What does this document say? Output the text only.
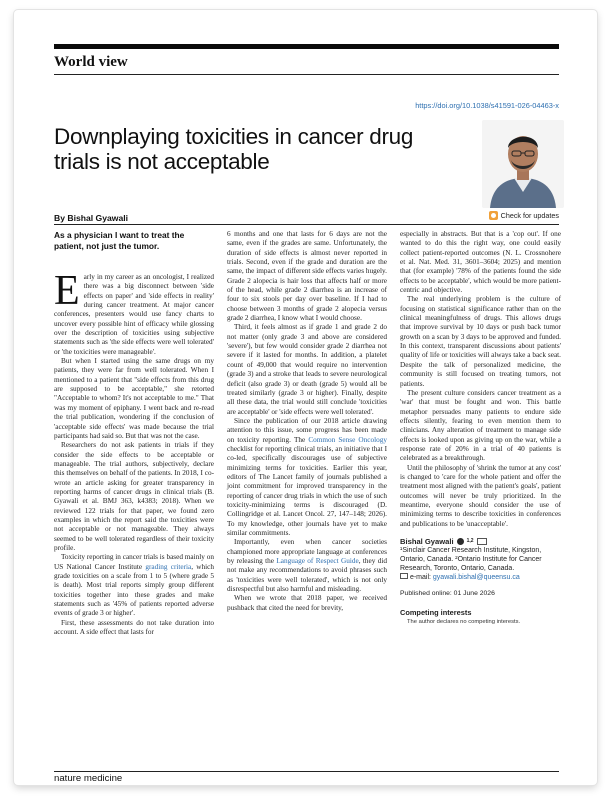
World view
https://doi.org/10.1038/s41591-026-04463-x
Downplaying toxicities in cancer drug trials is not acceptable
By Bishal Gyawali	Check for updates
As a physician I want to treat the patient, not just the tumor.

Early in my career as an oncologist, I realized there was a big disconnect between 'side effects on paper' and 'side effects in reality' during cancer treatment. At major cancer conferences, presenters would use fancy charts to uncover every possible hint of efficacy while glossing over the description of toxicities using subjective statements such as 'the side effects were well tolerated' or 'the toxicities were manageable'.

But when I started using the same drugs on my patients, they were far from well tolerated. When I mentioned to a patient that "side effects from this drug are supposed to be acceptable," she retorted "Acceptable to whom? It's not acceptable to me." That was my moment of epiphany. I went back and re-read the trial publication, wondering if the conclusion of 'acceptable side effects' was made because the trial participants had said so. But that was not the case.

Researchers do not ask patients in trials if they consider the side effects to be acceptable or manageable. The trial authors, subjectively, declare this themselves on behalf of the patients. In 2018, I co-wrote an article asking for greater transparency in reporting harms of cancer drugs in clinical trials (B. Gyawali et al. BMJ 363, k4383; 2018). When we reviewed 122 trials for that paper, we found zero examples in which the report said the toxicities were not acceptable or not manageable. They always seemed to be well tolerated regardless of their toxicity profile.

Toxicity reporting in cancer trials is based mainly on US National Cancer Institute grading criteria, which grade toxicities on a scale from 1 to 5 (where grade 5 is death). Most trial reports simply group different toxicities together into these grades and make statements such as '45% of patients reported adverse events of grade 3 or higher'.

First, these assessments do not take duration into account. A side effect that lasts for

6 months and one that lasts for 6 days are not the same, even if the grades are same. Unfortunately, the duration of side effects is almost never reported in trials. Second, even if the grade and duration are the same, the impact of different side effects varies hugely. Grade 2 alopecia is hair loss that affects half or more of the head, while grade 2 diarrhea is an increase of four to six stools per day over baseline. If I had to choose between 3 months of grade 2 alopecia versus grade 2 diarrhea, I know what I would choose.

Third, it feels almost as if grade 1 and grade 2 do not matter (only grade 3 and above are considered 'severe'), but few would consider grade 2 diarrhea not severe if it lasted for months. In addition, a platelet count of 49,000 that would require no intervention (grade 3) and a stroke that leads to severe neurological deficit (also grade 3) or death (grade 5) would all be treated similarly (grade 3 or higher). Finally, despite all these data, the trial would still conclude 'toxicities are acceptable' or 'side effects were well tolerated'.

Since the publication of our 2018 article drawing attention to this issue, some progress has been made on toxicity reporting. The Common Sense Oncology checklist for reporting clinical trials, an initiative that I co-led, specifically discourages use of subjective minimizing terms for toxicities. Earlier this year, editors of The Lancet family of journals published a joint commitment for improved transparency in the reporting of cancer drug trials in which the use of such toxicity-minimizing terms is discouraged (D. Collingridge et al. Lancet Oncol. 27, 147–148; 2026). To my knowledge, other journals have yet to make similar commitments.

Importantly, even when cancer societies championed more appropriate language at conferences by releasing the Language of Respect Guide, they did not make any recommendations to avoid phrases such as 'toxicities were well tolerated', which is not only disrespectful but also harmful and misleading.

When we wrote that 2018 paper, we received pushback that cited the need for brevity,

especially in abstracts. But that is a 'cop out'. If one wanted to do this the right way, one could easily collect patient-reported outcomes (N. L. Crossnohere et al. Nat. Med. 31, 3601–3604; 2025) and mention that (for example) '78% of the patients found the side effects to be acceptable', which would be more patient-centric and objective.

The real underlying problem is the culture of focusing on statistical significance rather than on the clinical meaningfulness of drugs. This allows drugs that improve survival by 10 days or push back tumor growth on a scan by 3 days to be approved and funded. In this context, transparent discussions about patients' quality of life or toxicities will always take a back seat. Despite the talk of personalized medicine, the community is still focused on treating tumors, not patients.

The present culture considers cancer treatment as a 'war' that must be fought and won. This battle metaphor persuades many patients to endure side effects silently, fearing to even mention them to clinicians. Any alteration of treatment to manage side effects is looked upon as giving up on the war, while a response rate of 20% in a trial of 40 patients is celebrated as a breakthrough.

Until the philosophy of 'shrink the tumor at any cost' is changed to 'care for the whole patient and offer the treatment most aligned with the patient's goals', patient outcomes will never be truly prioritized. In the meantime, everyone should consider the use of minimizing terms to describe toxicities in conferences and publications to be 'unacceptable'.

Bishal Gyawali	1,2
¹Sinclair Cancer Research Institute, Kingston, Ontario, Canada. ²Ontario Institute for Cancer Research, Toronto, Ontario, Canada.
e-mail: gyawali.bishal@queensu.ca
Published online: 01 June 2026
Competing interests

The author declares no competing interests.

nature medicine
